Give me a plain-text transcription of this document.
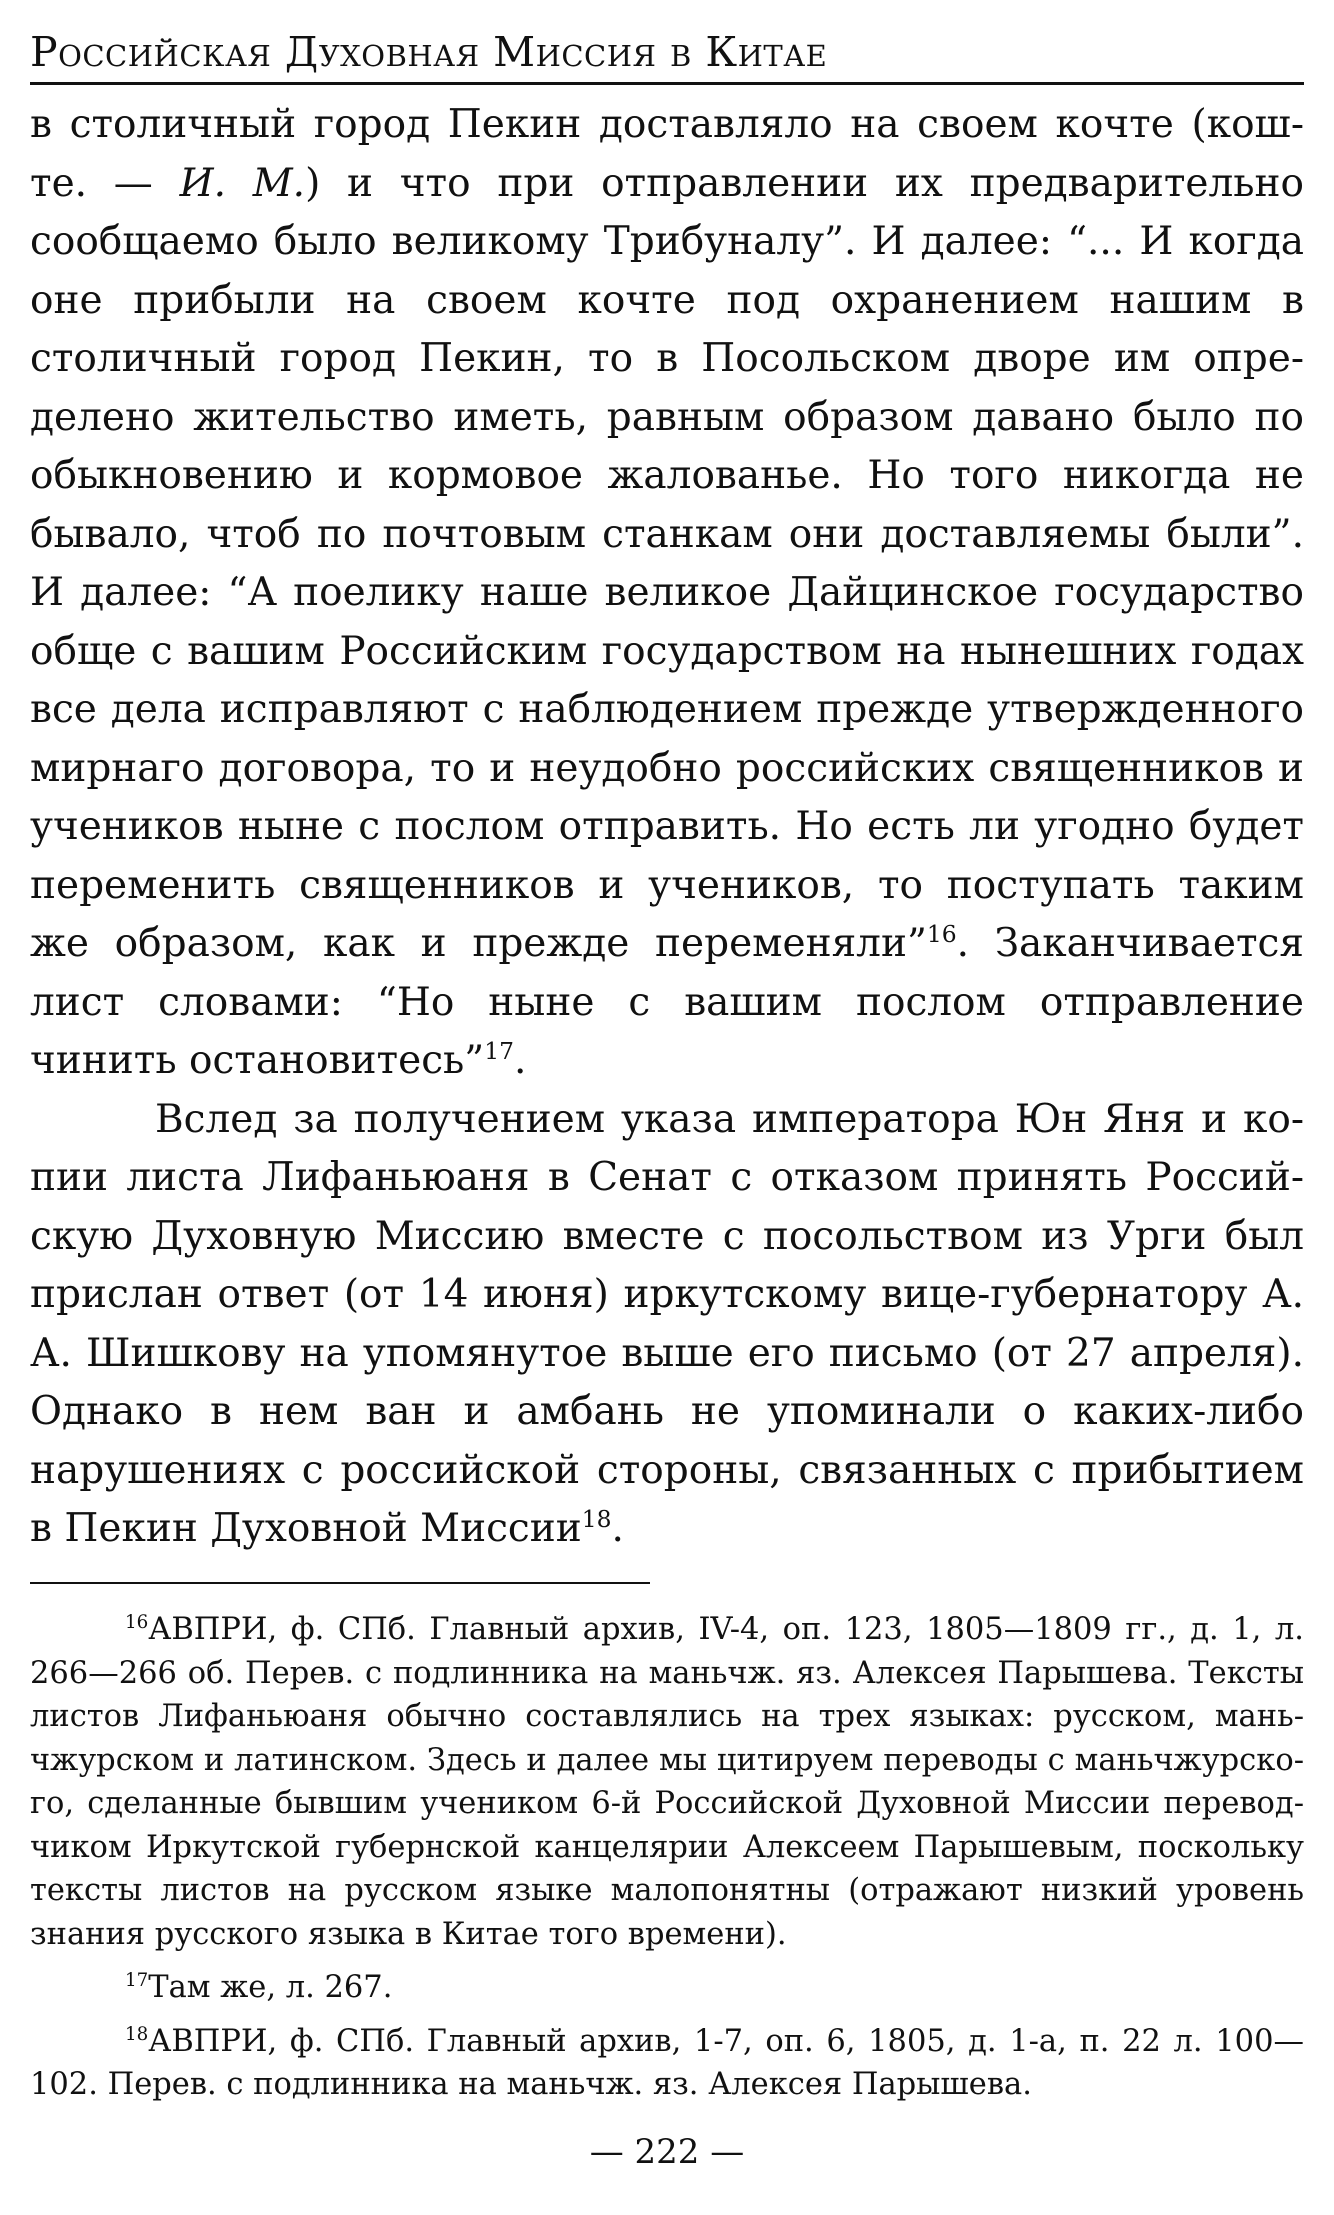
Российская Духовная Миссия в Китае

в столичный город Пекин доставляло на своем кочте (коште. — И. М.) и что при отправлении их предварительно сообщаемо было великому Трибуналу”. И далее: “... И когда оне прибыли на своем кочте под охранением нашим в столичный город Пекин, то в Посольском дворе им определено жительство иметь, равным образом давано было по обыкновению и кормовое жалованье. Но того никогда не бывало, чтоб по почтовым станкам они доставляемы были”. И далее: “А поелику наше великое Дайцинское государство обще с вашим Российским государством на нынешних годах все дела исправляют с наблюдением прежде утвержденного мирнаго договора, то и неудобно российских священников и учеников ныне с послом отправить. Но есть ли угодно будет переменить священников и учеников, то поступать таким же образом, как и прежде переменяли”$^{16}$. Заканчивается лист словами: “Но ныне с вашим послом отправление чинить остановитесь”$^{17}$.

Вслед за получением указа императора Юн Яня и копии листа Лифаньюаня в Сенат с отказом принять Российскую Духовную Миссию вместе с посольством из Урги был прислан ответ (от 14 июня) иркутскому вице-губернатору А. А. Шишкову на упомянутое выше его письмо (от 27 апреля). Однако в нем ван и амбань не упоминали о каких-либо нарушениях с российской стороны, связанных с прибытием в Пекин Духовной Миссии$^{18}$.

$^{16}$АВПРИ, ф. СПб. Главный архив, IV-4, оп. 123, 1805—1809 гг., д. 1, л. 266—266 об. Перев. с подлинника на маньчж. яз. Алексея Парышева. Тексты листов Лифаньюаня обычно составлялись на трех языках: русском, маньчжурском и латинском. Здесь и далее мы цитируем переводы с маньчжурского, сделанные бывшим учеником 6-й Российской Духовной Миссии переводчиком Иркутской губернской канцелярии Алексеем Парышевым, поскольку тексты листов на русском языке малопонятны (отражают низкий уровень знания русского языка в Китае того времени).

$^{17}$Там же, л. 267.

$^{18}$АВПРИ, ф. СПб. Главный архив, 1-7, оп. 6, 1805, д. 1-а, п. 22 л. 100—102. Перев. с подлинника на маньчж. яз. Алексея Парышева.

— 222 —
